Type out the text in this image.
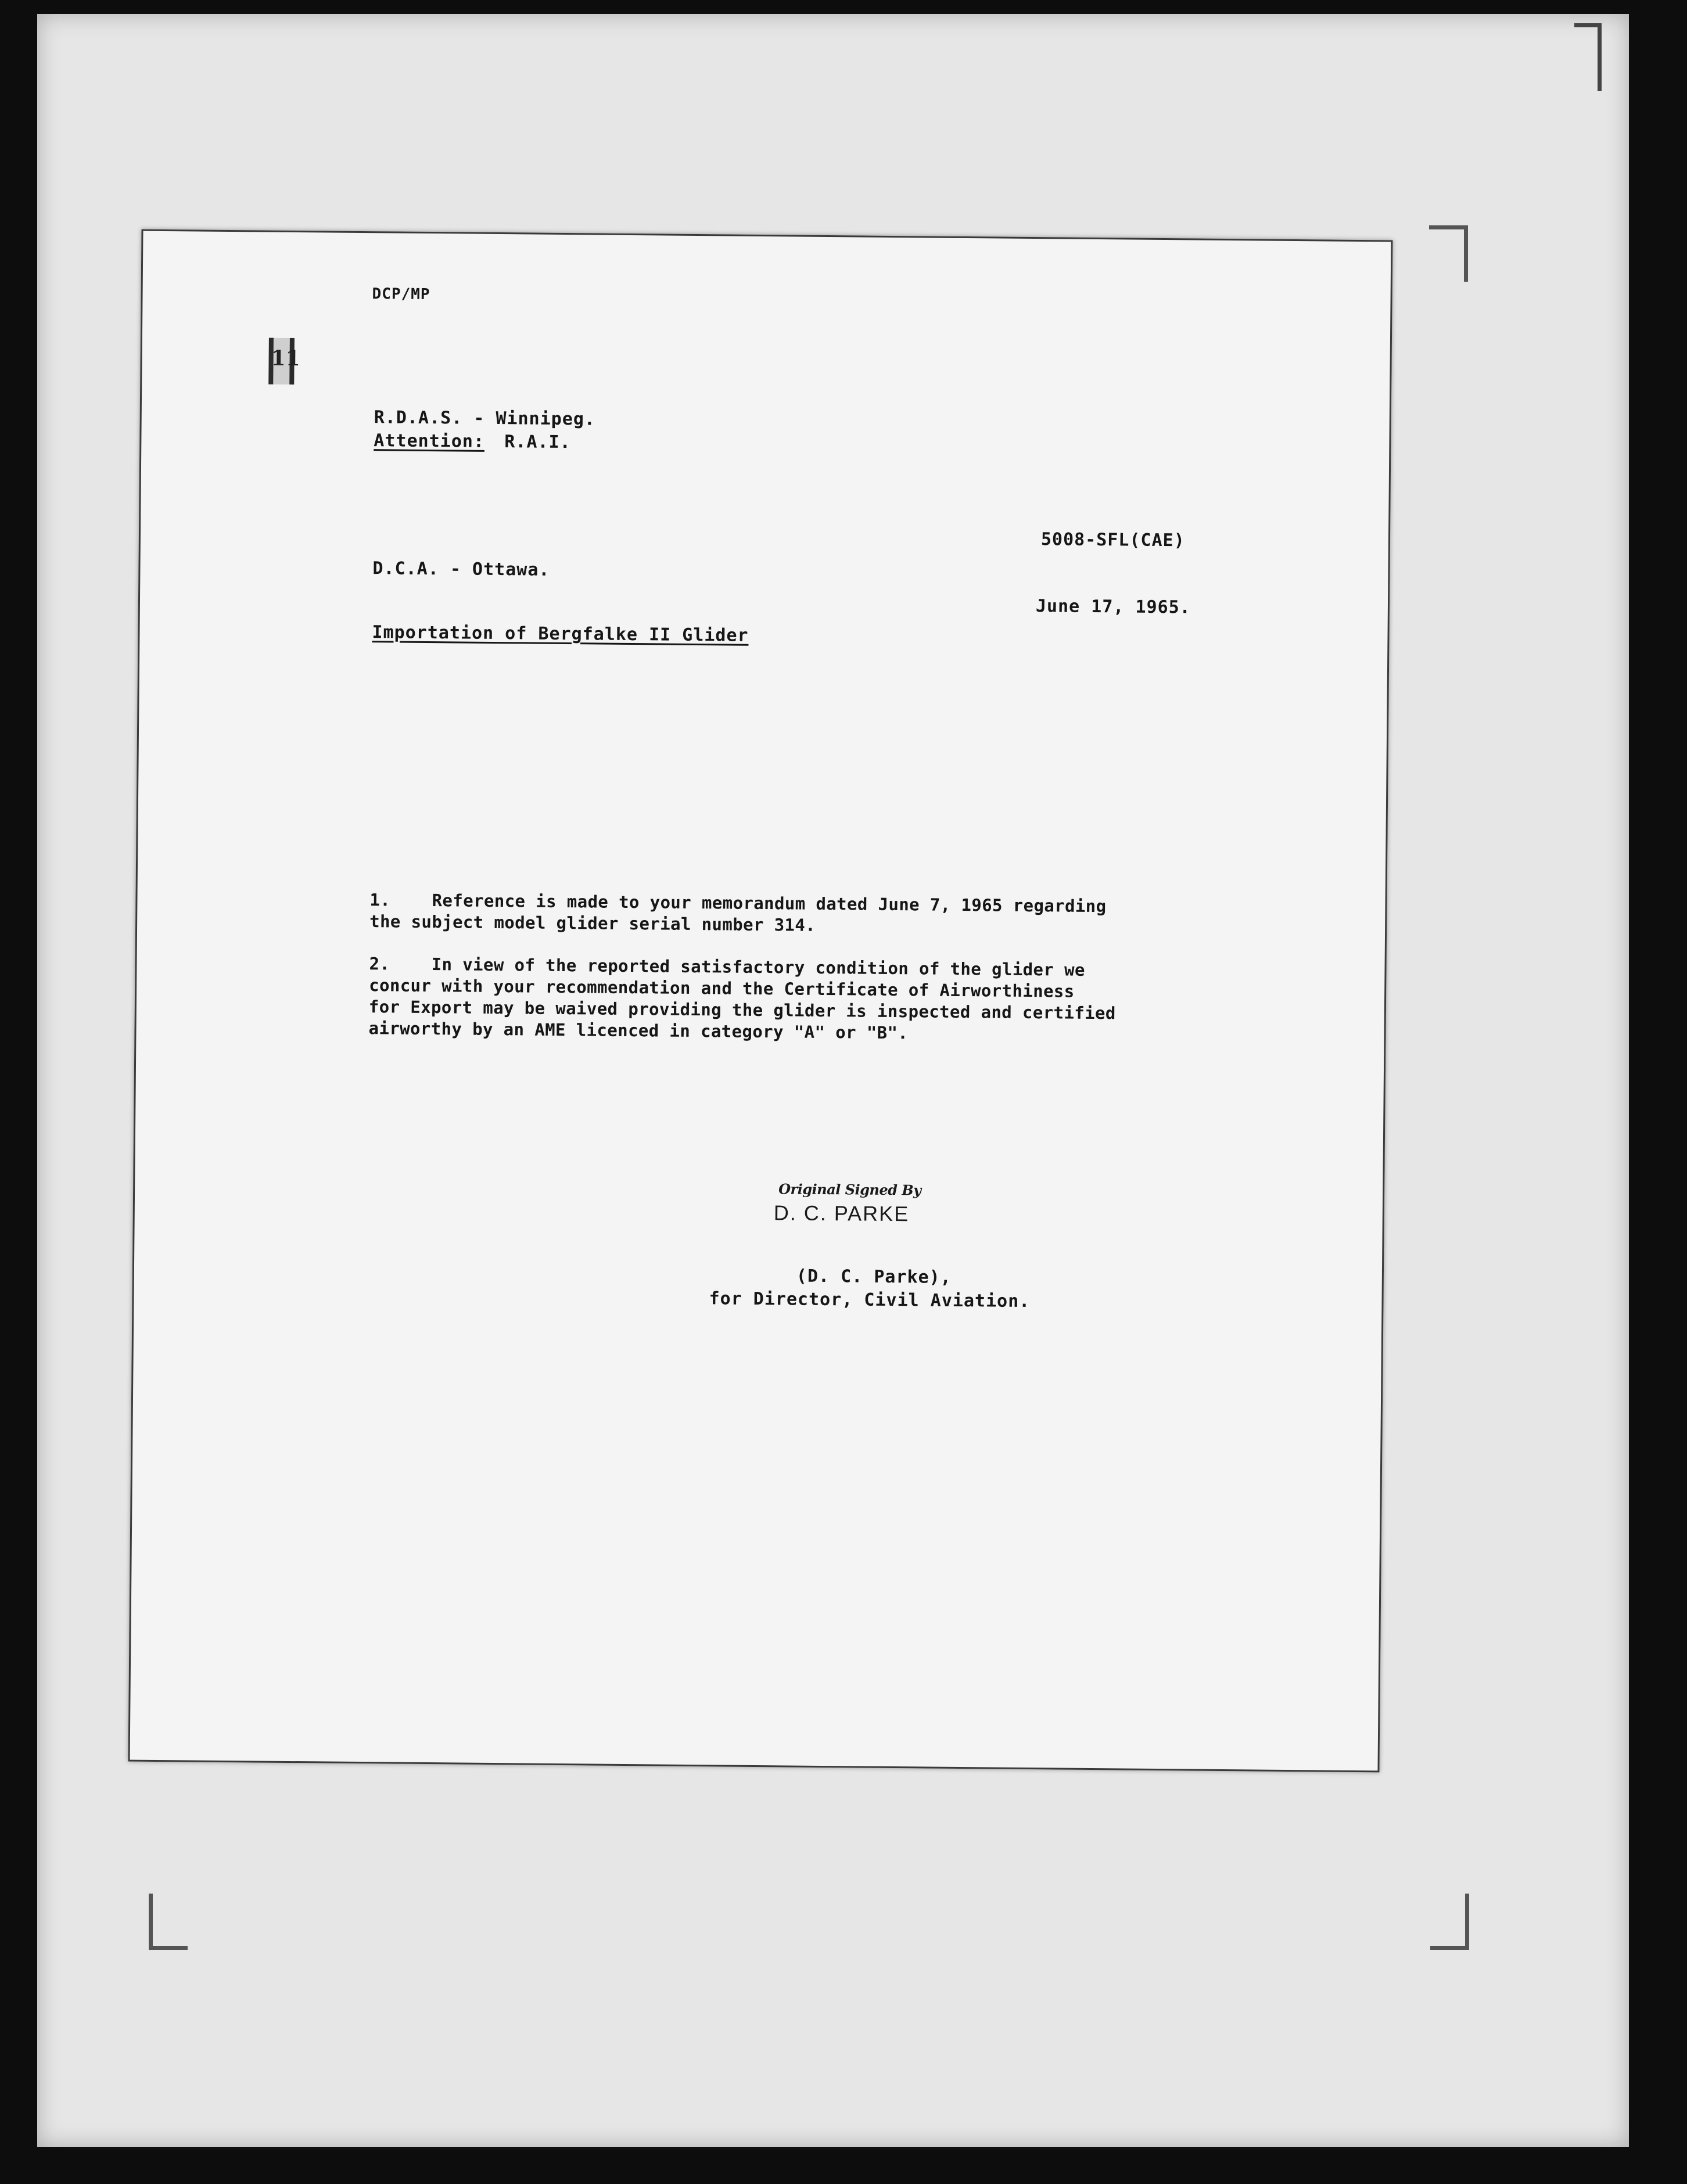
DCP/MP
11
R.D.A.S. - Winnipeg.
Attention: R.A.I.
5008-SFL(CAE)
D.C.A. - Ottawa.
June 17, 1965.
Importation of Bergfalke II Glider
1.    Reference is made to your memorandum dated June 7, 1965 regarding
the subject model glider serial number 314.
2.    In view of the reported satisfactory condition of the glider we
concur with your recommendation and the Certificate of Airworthiness
for Export may be waived providing the glider is inspected and certified
airworthy by an AME licenced in category "A" or "B".
Original Signed By
D. C. PARKE
(D. C. Parke),
for Director, Civil Aviation.
